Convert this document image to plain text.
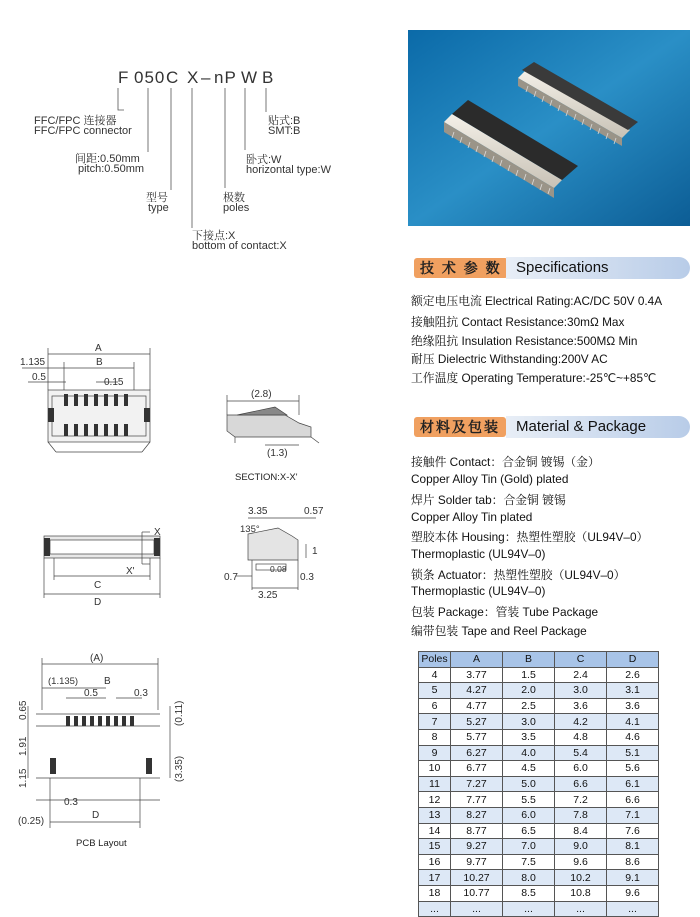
F 050 C X – nP W B
FFC/FPC 连接器
FFC/FPC connector
间距:0.50mm
pitch:0.50mm
型号
type
下接点:X
bottom of contact:X
极数
poles
卧式:W
horizontal type:W
贴式:B
SMT:B
技 术 参 数 Specifications
额定电压电流 Electrical Rating:AC/DC 50V 0.4A
接触阻抗 Contact Resistance:30mΩ Max
绝缘阻抗 Insulation Resistance:500MΩ Min
耐压 Dielectric Withstanding:200V AC
工作温度 Operating Temperature:-25℃~+85℃
材料及包装	Material & Package
接触件 Contact：合金铜 镀锡（金）
Copper Alloy Tin (Gold) plated
焊片 Solder tab：合金铜 镀锡
Copper Alloy Tin plated
塑胶本体 Housing：热塑性塑胶（UL94V–0）
Thermoplastic (UL94V–0)
锁条 Actuator：热塑性塑胶（UL94V–0）
Thermoplastic (UL94V–0)
包装 Package：管装 Tube Package
编带包装 Tape and Reel Package
Poles	A	B	C	D
4	3.77	1.5	2.4	2.6
5	4.27	2.0	3.0	3.1
6	4.77	2.5	3.6	3.6
7	5.27	3.0	4.2	4.1
8	5.77	3.5	4.8	4.6
9	6.27	4.0	5.4	5.1
10	6.77	4.5	6.0	5.6
11	7.27	5.0	6.6	6.1
12	7.77	5.5	7.2	6.6
13	8.27	6.0	7.8	7.1
14	8.77	6.5	8.4	7.6
15	9.27	7.0	9.0	8.1
16	9.77	7.5	9.6	8.6
17	10.27	8.0	10.2	9.1
18	10.77	8.5	10.8	9.6
...	...	...	...	...
A
B
1.135
0.5	0.15
(2.8)
(1.3)
SECTION:X-X'
X
X'
C
D
3.35	0.57
135°
1
0.7
0.08
0.3
3.25
(A)
(1.135)	B
0.5	0.3
0.65
1.91
1.15
(0.11)
(3.35)
0.3
(0.25)
D
PCB Layout
